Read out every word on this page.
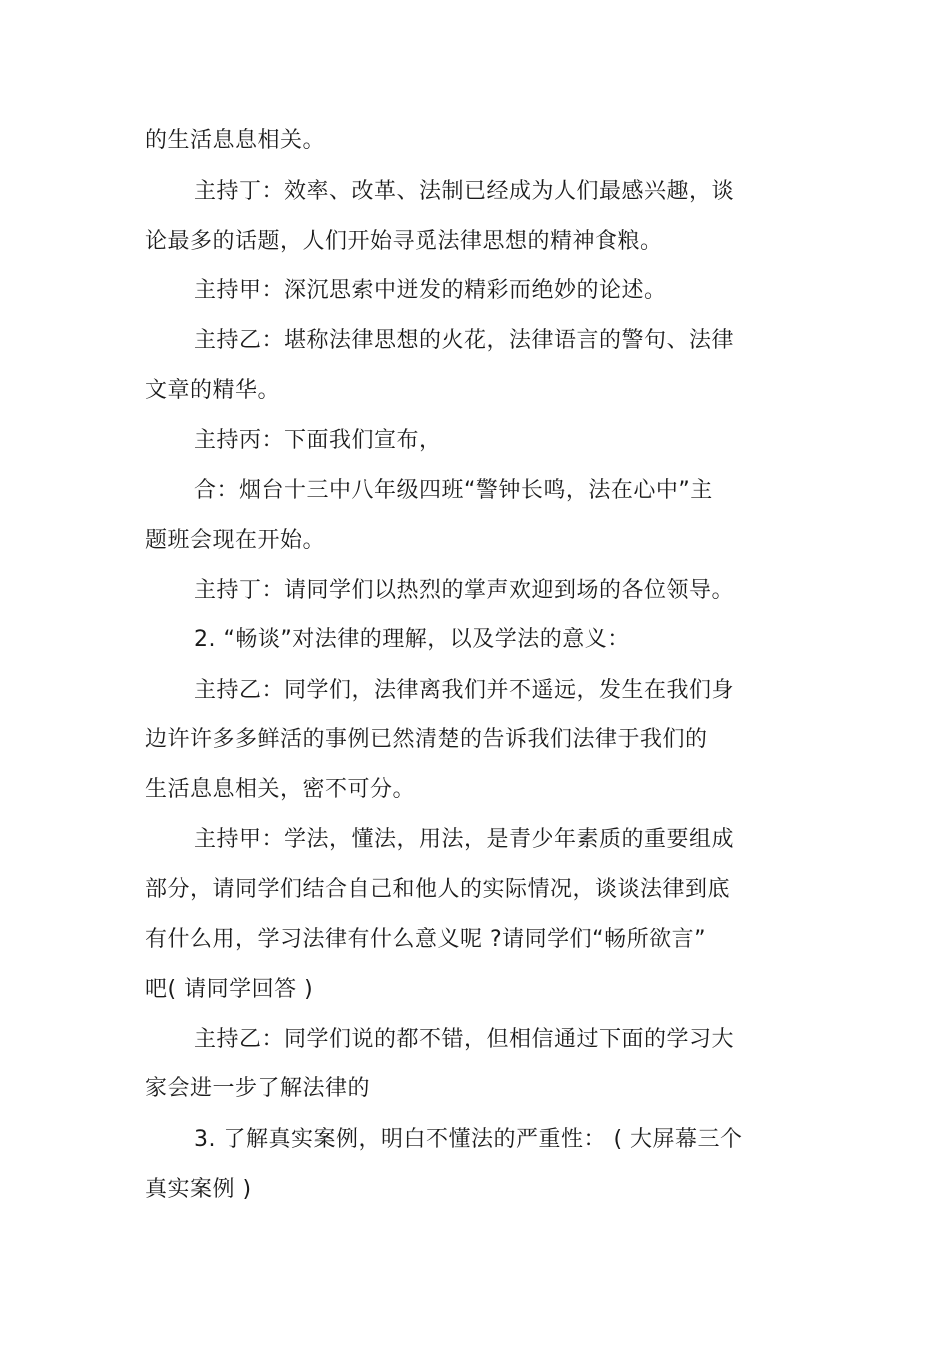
的生活息息相关。
主持丁：效率、改革、法制已经成为人们最感兴趣，谈
论最多的话题，人们开始寻觅法律思想的精神食粮。
主持甲：深沉思索中迸发的精彩而绝妙的论述。
主持乙：堪称法律思想的火花，法律语言的警句、法律
文章的精华。
主持丙：下面我们宣布，
合：烟台十三中八年级四班“警钟长鸣，法在心中”主
题班会现在开始。
主持丁：请同学们以热烈的掌声欢迎到场的各位领导。
2. “畅谈”对法律的理解，以及学法的意义：
主持乙：同学们，法律离我们并不遥远，发生在我们身
边许许多多鲜活的事例已然清楚的告诉我们法律于我们的
生活息息相关，密不可分。
主持甲：学法，懂法，用法，是青少年素质的重要组成
部分，请同学们结合自己和他人的实际情况，谈谈法律到底
有什么用，学习法律有什么意义呢 ?请同学们“畅所欲言”
吧( 请同学回答 )
主持乙：同学们说的都不错，但相信通过下面的学习大
家会进一步了解法律的
3. 了解真实案例，明白不懂法的严重性： ( 大屏幕三个
真实案例 )
